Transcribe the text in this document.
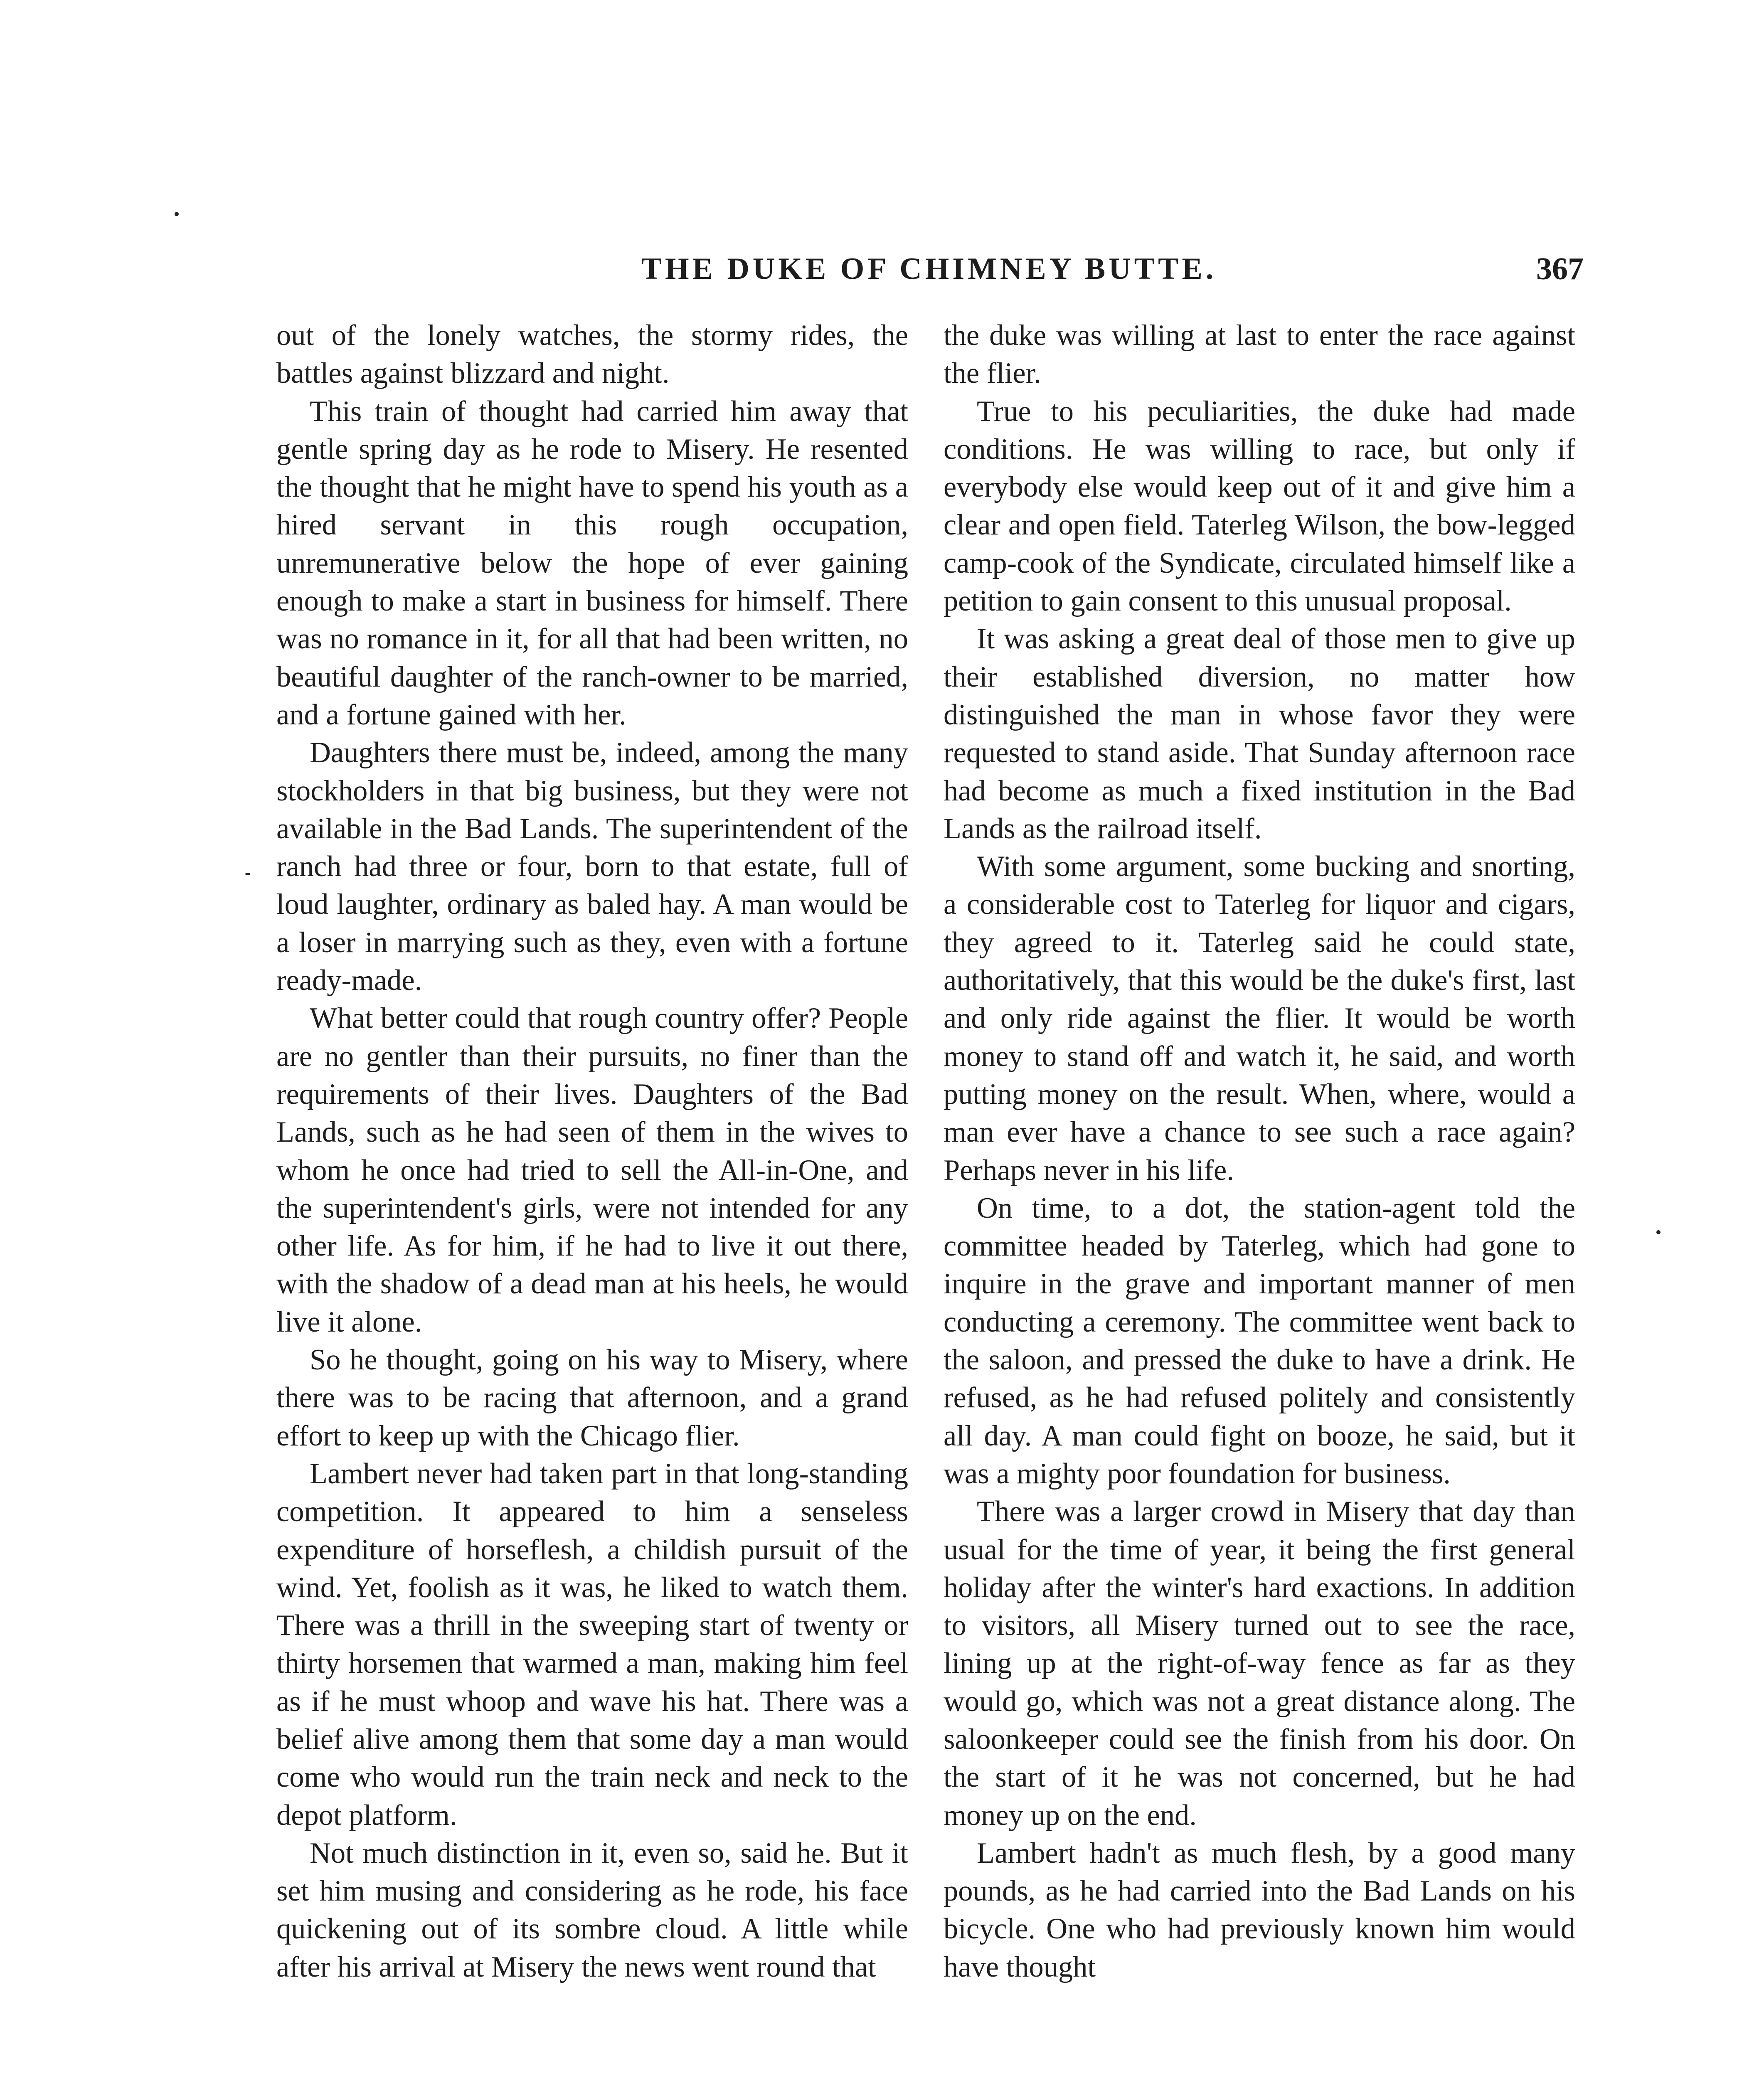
THE DUKE OF CHIMNEY BUTTE.	367

out of the lonely watches, the stormy rides, the battles against blizzard and night.

This train of thought had carried him away that gentle spring day as he rode to Misery. He resented the thought that he might have to spend his youth as a hired servant in this rough occupation, unremunerative below the hope of ever gaining enough to make a start in business for himself. There was no romance in it, for all that had been written, no beautiful daughter of the ranch-owner to be married, and a fortune gained with her.

Daughters there must be, indeed, among the many stockholders in that big business, but they were not available in the Bad Lands. The superintendent of the ranch had three or four, born to that estate, full of loud laughter, ordinary as baled hay. A man would be a loser in marrying such as they, even with a fortune ready-made.

What better could that rough country offer? People are no gentler than their pursuits, no finer than the requirements of their lives. Daughters of the Bad Lands, such as he had seen of them in the wives to whom he once had tried to sell the All-in-One, and the superintendent's girls, were not intended for any other life. As for him, if he had to live it out there, with the shadow of a dead man at his heels, he would live it alone.

So he thought, going on his way to Misery, where there was to be racing that afternoon, and a grand effort to keep up with the Chicago flier.

Lambert never had taken part in that long-standing competition. It appeared to him a senseless expenditure of horseflesh, a childish pursuit of the wind. Yet, foolish as it was, he liked to watch them. There was a thrill in the sweeping start of twenty or thirty horsemen that warmed a man, making him feel as if he must whoop and wave his hat. There was a belief alive among them that some day a man would come who would run the train neck and neck to the depot platform.

Not much distinction in it, even so, said he. But it set him musing and considering as he rode, his face quickening out of its sombre cloud. A little while after his arrival at Misery the news went round that

the duke was willing at last to enter the race against the flier.

True to his peculiarities, the duke had made conditions. He was willing to race, but only if everybody else would keep out of it and give him a clear and open field. Taterleg Wilson, the bow-legged camp-cook of the Syndicate, circulated himself like a petition to gain consent to this unusual proposal.

It was asking a great deal of those men to give up their established diversion, no matter how distinguished the man in whose favor they were requested to stand aside. That Sunday afternoon race had become as much a fixed institution in the Bad Lands as the railroad itself.

With some argument, some bucking and snorting, a considerable cost to Taterleg for liquor and cigars, they agreed to it. Taterleg said he could state, authoritatively, that this would be the duke's first, last and only ride against the flier. It would be worth money to stand off and watch it, he said, and worth putting money on the result. When, where, would a man ever have a chance to see such a race again? Perhaps never in his life.

On time, to a dot, the station-agent told the committee headed by Taterleg, which had gone to inquire in the grave and important manner of men conducting a ceremony. The committee went back to the saloon, and pressed the duke to have a drink. He refused, as he had refused politely and consistently all day. A man could fight on booze, he said, but it was a mighty poor foundation for business.

There was a larger crowd in Misery that day than usual for the time of year, it being the first general holiday after the winter's hard exactions. In addition to visitors, all Misery turned out to see the race, lining up at the right-of-way fence as far as they would go, which was not a great distance along. The saloonkeeper could see the finish from his door. On the start of it he was not concerned, but he had money up on the end.

Lambert hadn't as much flesh, by a good many pounds, as he had carried into the Bad Lands on his bicycle. One who had previously known him would have thought
